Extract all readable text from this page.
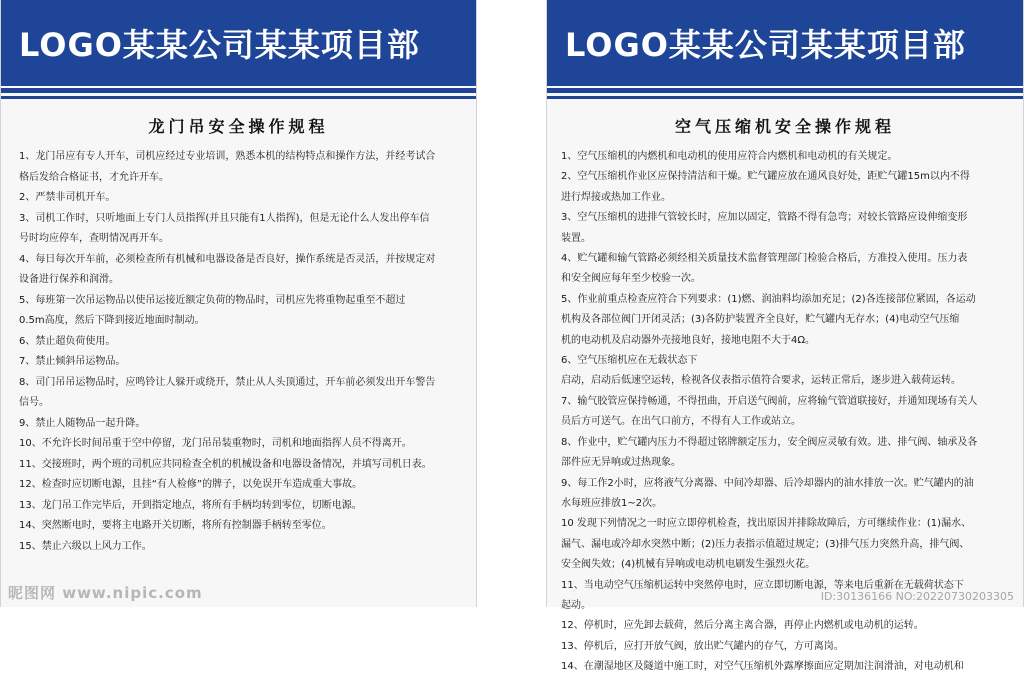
LOGO某某公司某某项目部
龙门吊安全操作规程

1、龙门吊应有专人开车，司机应经过专业培训，熟悉本机的结构特点和操作方法，并经考试合
格后发给合格证书，才允许开车。

2、严禁非司机开车。

3、司机工作时，只听地面上专门人员指挥(并且只能有1人指挥)，但是无论什么人发出停车信
号时均应停车，查明情况再开车。

4、每日每次开车前，必须检查所有机械和电器设备是否良好，操作系统是否灵活，并按规定对
设备进行保养和润滑。

5、每班第一次吊运物品以使吊运接近额定负荷的物品时，司机应先将重物起重至不超过
0.5m高度，然后下降到接近地面时制动。

6、禁止超负荷使用。

7、禁止倾斜吊运物品。

8、司门吊吊运物品时，应鸣铃让人躲开或绕开，禁止从人头顶通过，开车前必须发出开车警告
信号。

9、禁止人随物品一起升降。

10、不允许长时间吊重于空中停留，龙门吊吊装重物时，司机和地面指挥人员不得离开。

11、交接班时，两个班的司机应共同检查全机的机械设备和电器设备情况，并填写司机日表。

12、检查时应切断电源，且挂“有人检修”的牌子，以免误开车造成重大事故。

13、龙门吊工作完毕后，开到指定地点，将所有手柄均转到零位，切断电源。

14、突然断电时，要将主电路开关切断，将所有控制器手柄转至零位。

15、禁止六级以上风力工作。

LOGO某某公司某某项目部
空气压缩机安全操作规程

1、空气压缩机的内燃机和电动机的使用应符合内燃机和电动机的有关规定。

2、空气压缩机作业区应保持清洁和干燥。贮气罐应放在通风良好处，距贮气罐15m以内不得
进行焊接或热加工作业。

3、空气压缩机的进排气管较长时，应加以固定，管路不得有急弯；对较长管路应设伸缩变形
装置。

4、贮气罐和输气管路必须经相关质量技术监督管理部门检验合格后，方准投入使用。压力表
和安全阀应每年至少校验一次。

5、作业前重点检查应符合下列要求：(1)燃、润油料均添加充足；(2)各连接部位紧固，各运动
机构及各部位阀门开闭灵活；(3)各防护装置齐全良好，贮气罐内无存水；(4)电动空气压缩
机的电动机及启动器外壳接地良好，接地电阻不大于4Ω。

6、空气压缩机应在无载状态下
启动，启动后低速空运转，检视各仪表指示值符合要求，运转正常后，逐步进入载荷运转。

7、输气胶管应保持畅通，不得扭曲，开启送气阀前，应将输气管道联接好，并通知现场有关人
员后方可送气。在出气口前方，不得有人工作或站立。

8、作业中，贮气罐内压力不得超过铭牌额定压力，安全阀应灵敏有效。进、排气阀、轴承及各
部件应无异响或过热现象。

9、每工作2小时，应将液气分离器、中间冷却器、后冷却器内的油水排放一次。贮气罐内的油
水每班应排放1~2次。

10 发现下列情况之一时应立即停机检查，找出原因并排除故障后，方可继续作业：(1)漏水、
漏气、漏电或冷却水突然中断；(2)压力表指示值超过规定；(3)排气压力突然升高，排气阀、
安全阀失效；(4)机械有异响或电动机电刷发生强烈火花。

11、当电动空气压缩机运转中突然停电时，应立即切断电源，等来电后重新在无载荷状态下
起动。

12、停机时，应先卸去载荷，然后分离主离合器，再停止内燃机或电动机的运转。

13、停机后，应打开放气阀，放出贮气罐内的存气，方可离岗。

14、在潮湿地区及隧道中施工时，对空气压缩机外露摩擦面应定期加注润滑油，对电动机和

昵图网 www.nipic.com	ID:30136166 NO:20220730203305
